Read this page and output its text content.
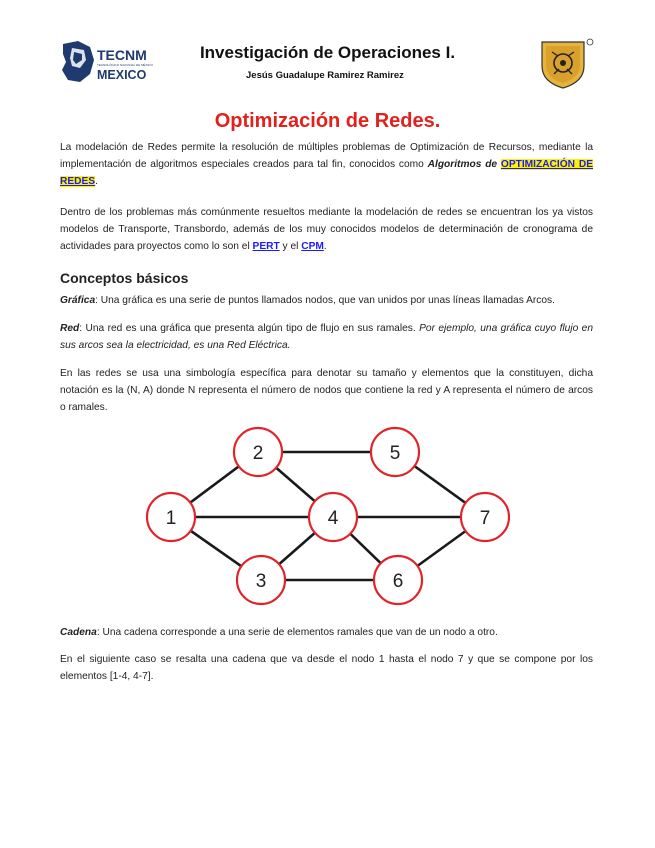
TECNM
TECNOLÓGICO NACIONAL DE MÉXICO
MEXICO
Investigación de Operaciones I.
Jesús Guadalupe Ramirez Ramirez
Optimización de Redes.

La modelación de Redes permite la resolución de múltiples problemas de Optimización de Recursos, mediante la implementación de algoritmos especiales creados para tal fin, conocidos como Algoritmos de OPTIMIZACIÓN DE REDES.

Dentro de los problemas más comúnmente resueltos mediante la modelación de redes se encuentran los ya vistos modelos de Transporte, Transbordo, además de los muy conocidos modelos de determinación de cronograma de actividades para proyectos como lo son el PERT y el CPM.

Conceptos básicos

Gráfica: Una gráfica es una serie de puntos llamados nodos, que van unidos por unas líneas llamadas Arcos.

Red: Una red es una gráfica que presenta algún tipo de flujo en sus ramales. Por ejemplo, una gráfica cuyo flujo en sus arcos sea la electricidad, es una Red Eléctrica.

En las redes se usa una simbología específica para denotar su tamaño y elementos que la constituyen, dicha notación es la (N, A) donde N representa el número de nodos que contiene la red y A representa el número de arcos o ramales.

1
2
3
4
5
6
7

Cadena: Una cadena corresponde a una serie de elementos ramales que van de un nodo a otro.

En el siguiente caso se resalta una cadena que va desde el nodo 1 hasta el nodo 7 y que se compone por los elementos [1-4, 4-7].
